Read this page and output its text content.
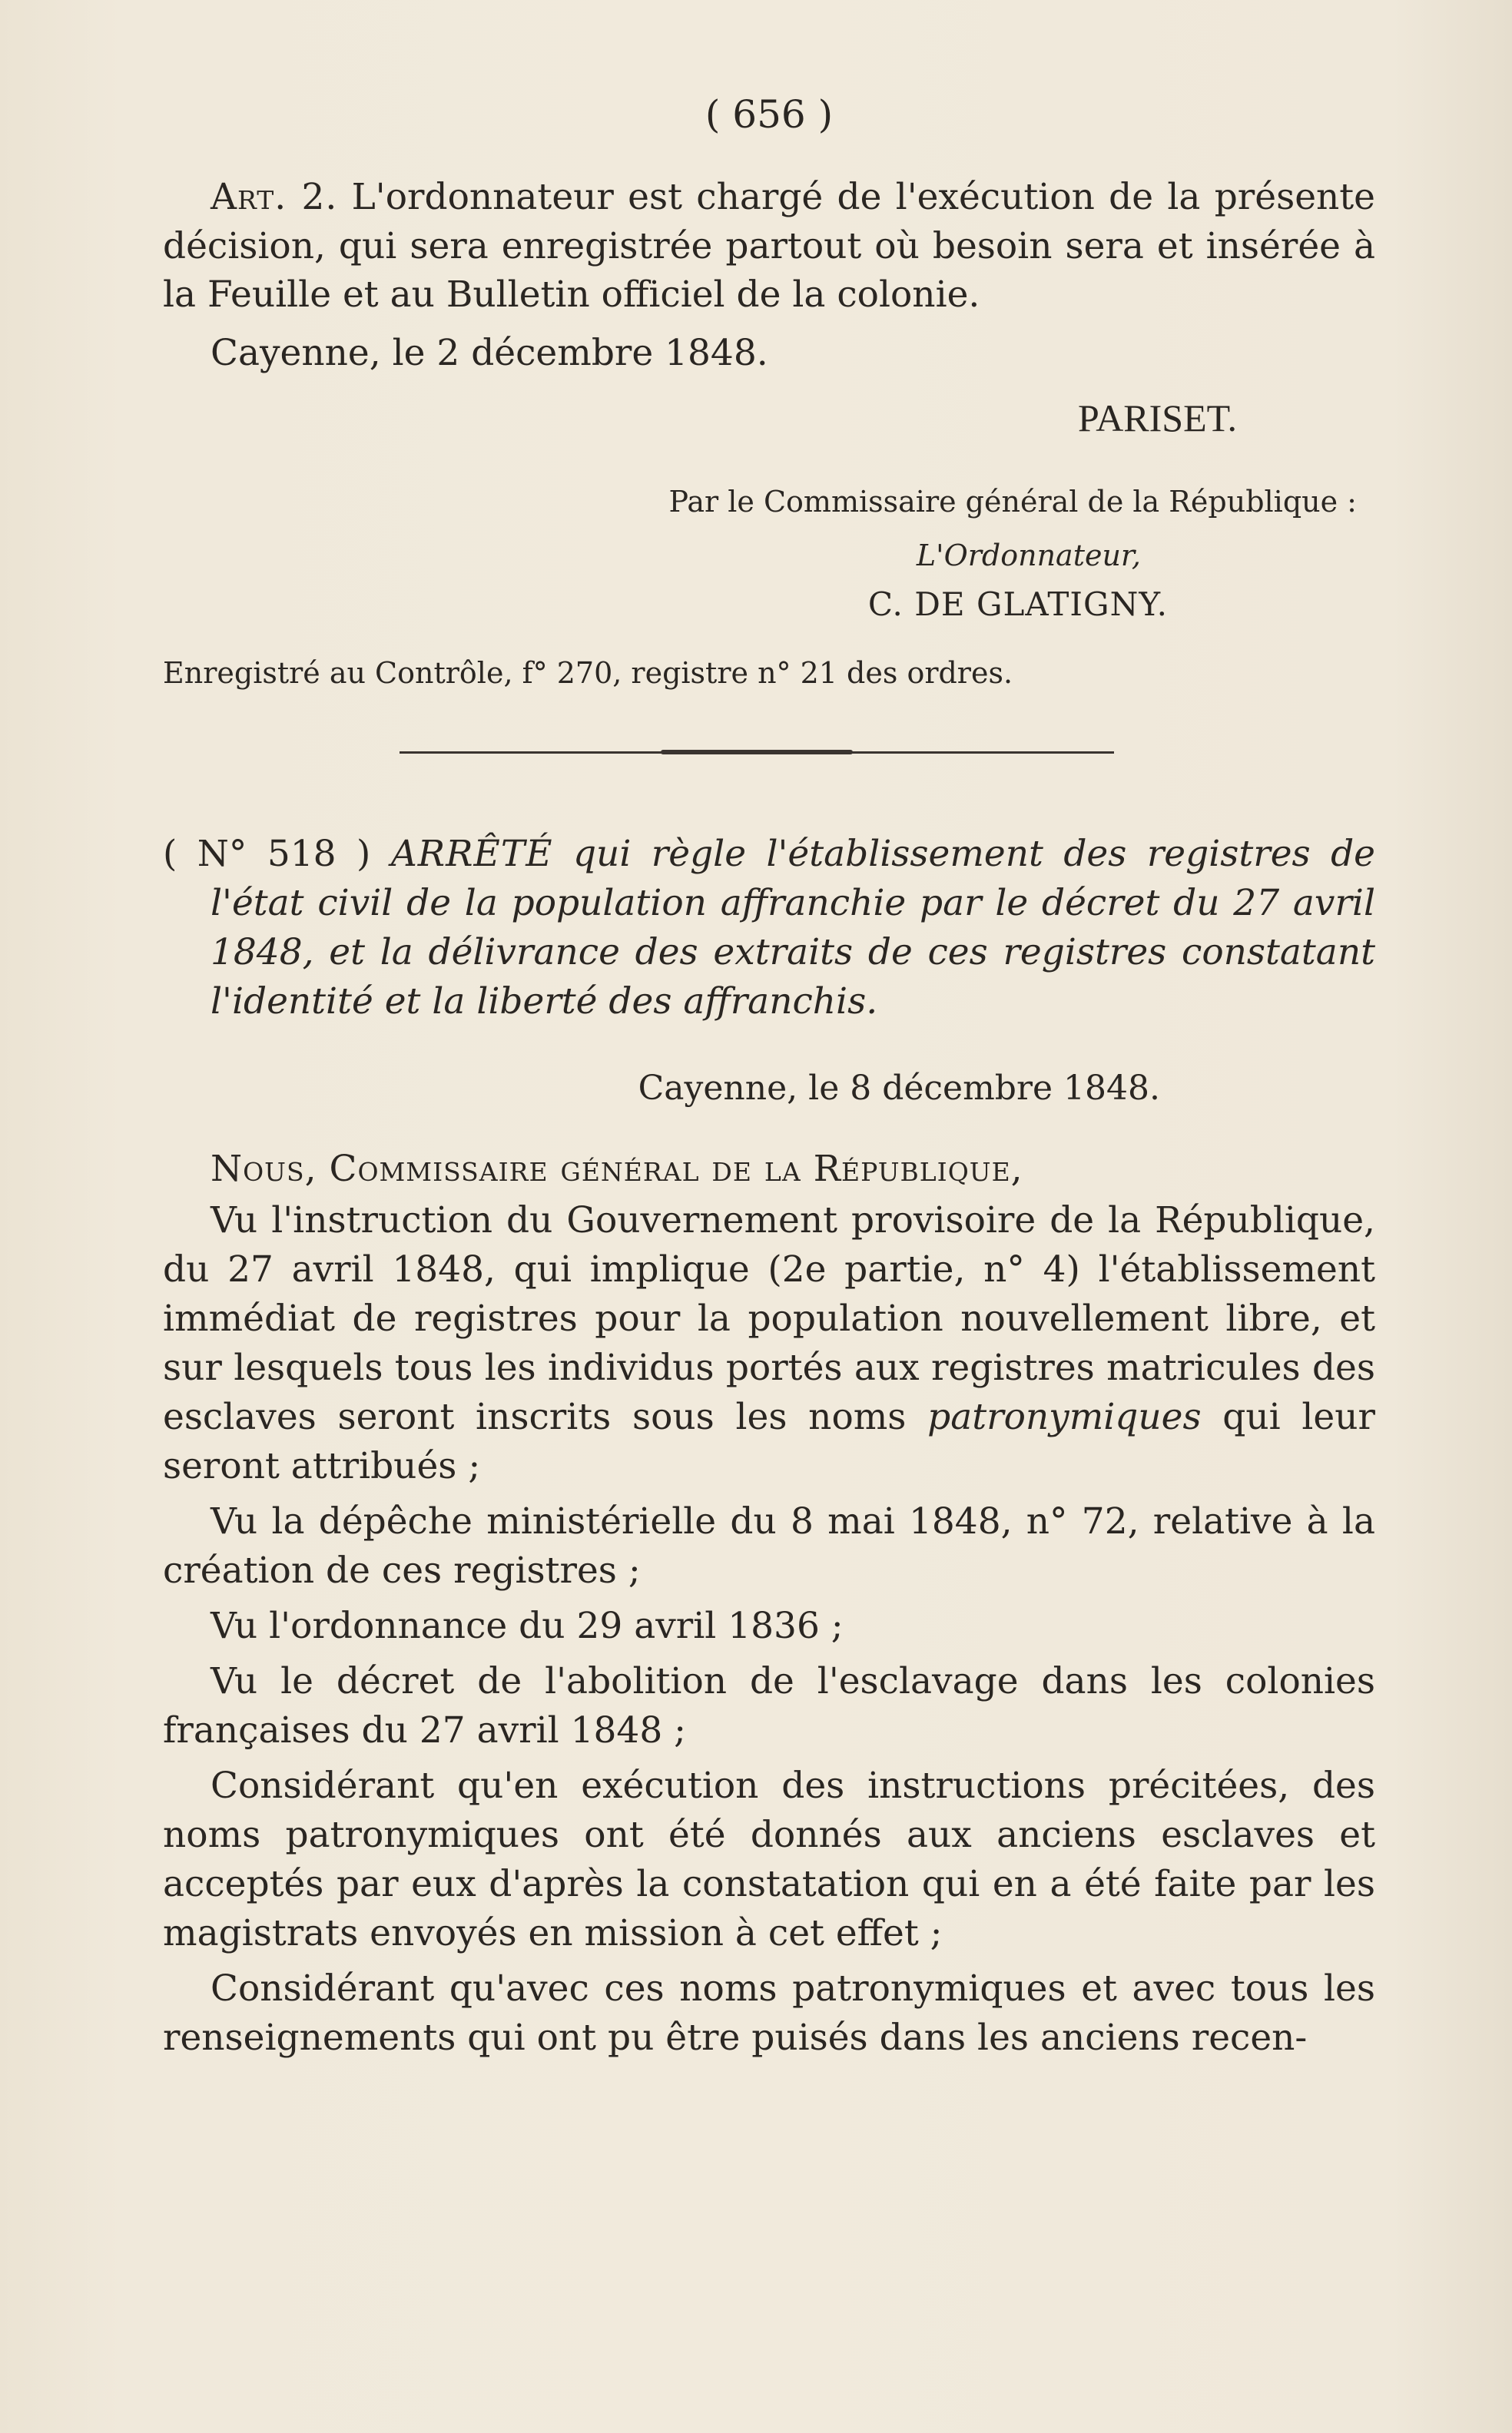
( 656 )

Art. 2. L'ordonnateur est chargé de l'exécution de la présente décision, qui sera enregistrée partout où besoin sera et insérée à la Feuille et au Bulletin officiel de la colonie.

Cayenne, le 2 décembre 1848.
PARISET.
Par le Commissaire général de la République :
L'Ordonnateur,
C. DE GLATIGNY.
Enregistré au Contrôle, f° 270, registre n° 21 des ordres.
( N° 518 ) ARRÊTÉ qui règle l'établissement des registres de l'état civil de la population affranchie par le décret du 27 avril 1848, et la délivrance des extraits de ces registres constatant l'identité et la liberté des affranchis.
Cayenne, le 8 décembre 1848.
Nous, Commissaire général de la République,

Vu l'instruction du Gouvernement provisoire de la République, du 27 avril 1848, qui implique (2e partie, n° 4) l'établissement immédiat de registres pour la population nouvellement libre, et sur lesquels tous les individus portés aux registres matricules des esclaves seront inscrits sous les noms patronymiques qui leur seront attribués ;

Vu la dépêche ministérielle du 8 mai 1848, n° 72, relative à la création de ces registres ;

Vu l'ordonnance du 29 avril 1836 ;

Vu le décret de l'abolition de l'esclavage dans les colonies françaises du 27 avril 1848 ;

Considérant qu'en exécution des instructions précitées, des noms patronymiques ont été donnés aux anciens esclaves et acceptés par eux d'après la constatation qui en a été faite par les magistrats envoyés en mission à cet effet ;

Considérant qu'avec ces noms patronymiques et avec tous les renseignements qui ont pu être puisés dans les anciens recen-
